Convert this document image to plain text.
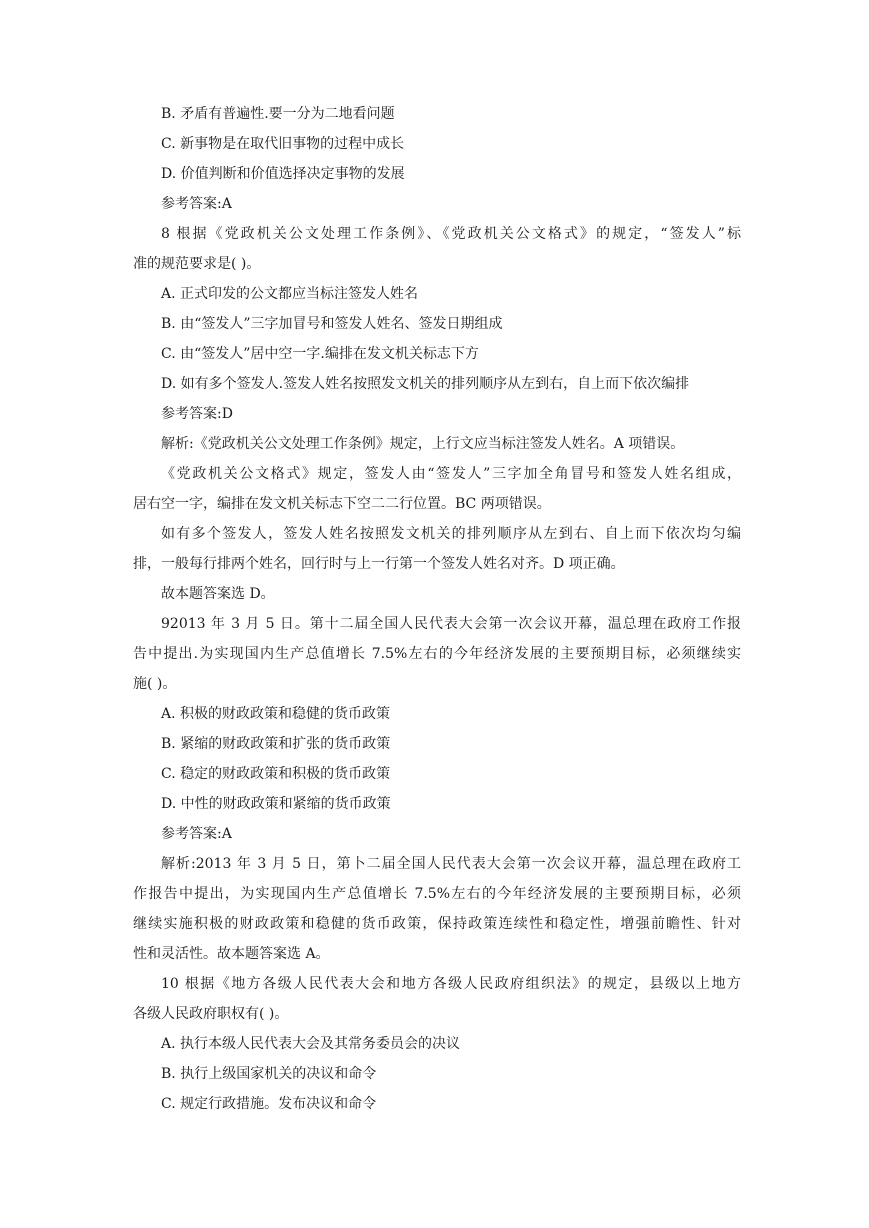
B. 矛盾有普遍性.要一分为二地看问题
C. 新事物是在取代旧事物的过程中成长
D. 价值判断和价值选择决定事物的发展
参考答案:A
8 根据《党政机关公文处理工作条例》、《党政机关公文格式》的规定，“签发人”标
准的规范要求是( )。
A. 正式印发的公文都应当标注签发人姓名
B. 由“签发人”三字加冒号和签发人姓名、签发日期组成
C. 由“签发人”居中空一字.编排在发文机关标志下方
D. 如有多个签发人.签发人姓名按照发文机关的排列顺序从左到右，自上而下依次编排
参考答案:D
解析:《党政机关公文处理工作条例》规定，上行文应当标注签发人姓名。A 项错误。
《党政机关公文格式》规定，签发人由“签发人”三字加全角冒号和签发人姓名组成，
居右空一字，编排在发文机关标志下空二二行位置。BC 两项错误。
如有多个签发人，签发人姓名按照发文机关的排列顺序从左到右、自上而下依次均匀编
排，一般每行排两个姓名，回行时与上一行第一个签发人姓名对齐。D 项正确。
故本题答案选 D。
92013 年 3 月 5 日。第十二届全国人民代表大会第一次会议开幕，温总理在政府工作报
告中提出.为实现国内生产总值增长 7.5%左右的今年经济发展的主要预期目标，必须继续实
施( )。
A. 积极的财政政策和稳健的货币政策
B. 紧缩的财政政策和扩张的货币政策
C. 稳定的财政政策和积极的货币政策
D. 中性的财政政策和紧缩的货币政策
参考答案:A
解析:2013 年 3 月 5 日，第卜二届全国人民代表大会第一次会议开幕，温总理在政府工
作报告中提出，为实现国内生产总值增长 7.5%左右的今年经济发展的主要预期目标，必须
继续实施积极的财政政策和稳健的货币政策，保持政策连续性和稳定性，增强前瞻性、针对
性和灵活性。故本题答案选 A。
10 根据《地方各级人民代表大会和地方各级人民政府组织法》的规定，县级以上地方
各级人民政府职权有( )。
A. 执行本级人民代表大会及其常务委员会的决议
B. 执行上级国家机关的决议和命令
C. 规定行政措施。发布决议和命令
